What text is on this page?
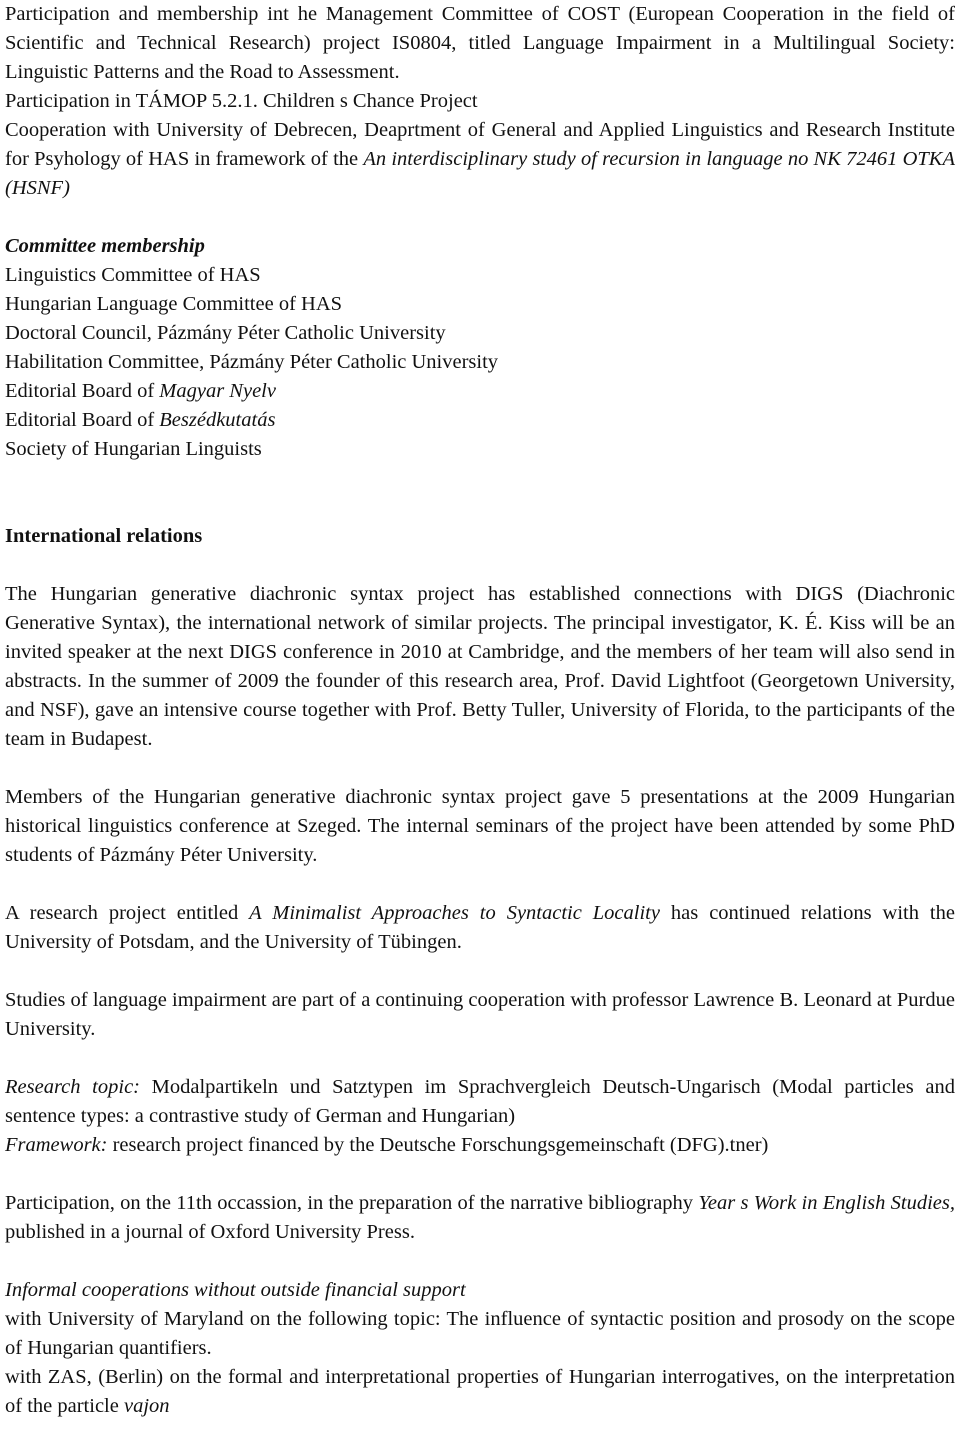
Participation and membership int he Management Committee of COST (European Cooperation in the field of Scientific and Technical Research) project IS0804, titled Language Impairment in a Multilingual Society: Linguistic Patterns and the Road to Assessment.

Participation in TÁMOP 5.2.1. Children s Chance Project

Cooperation with University of Debrecen, Deaprtment of General and Applied Linguistics and Research Institute for Psyhology of HAS in framework of the An interdisciplinary study of recursion in language no NK 72461 OTKA (HSNF)

Committee membership

Linguistics Committee of HAS

Hungarian Language Committee of HAS

Doctoral Council, Pázmány Péter Catholic University

Habilitation Committee, Pázmány Péter Catholic University

Editorial Board of Magyar Nyelv

Editorial Board of Beszédkutatás

Society of Hungarian Linguists

International relations

The Hungarian generative diachronic syntax project has established connections with DIGS (Diachronic Generative Syntax), the international network of similar projects. The principal investigator, K. É. Kiss will be an invited speaker at the next DIGS conference in 2010 at Cambridge, and the members of her team will also send in abstracts. In the summer of 2009 the founder of this research area, Prof. David Lightfoot (Georgetown University, and NSF), gave an intensive course together with Prof. Betty Tuller, University of Florida, to the participants of the team in Budapest.

Members of the Hungarian generative diachronic syntax project gave 5 presentations at the 2009 Hungarian historical linguistics conference at Szeged. The internal seminars of the project have been attended by some PhD students of Pázmány Péter University.

A research project entitled A Minimalist Approaches to Syntactic Locality has continued relations with the University of Potsdam, and the University of Tübingen.

Studies of language impairment are part of a continuing cooperation with professor Lawrence B. Leonard at Purdue University.

Research topic: Modalpartikeln und Satztypen im Sprachvergleich Deutsch-Ungarisch (Modal particles and sentence types: a contrastive study of German and Hungarian)

Framework: research project financed by the Deutsche Forschungsgemeinschaft (DFG).tner)

Participation, on the 11th occassion, in the preparation of the narrative bibliography Year s Work in English Studies, published in a journal of Oxford University Press.

Informal cooperations without outside financial support

with University of Maryland on the following topic: The influence of syntactic position and prosody on the scope of Hungarian quantifiers.

with ZAS, (Berlin) on the formal and interpretational properties of Hungarian interrogatives, on the interpretation of the particle vajon
